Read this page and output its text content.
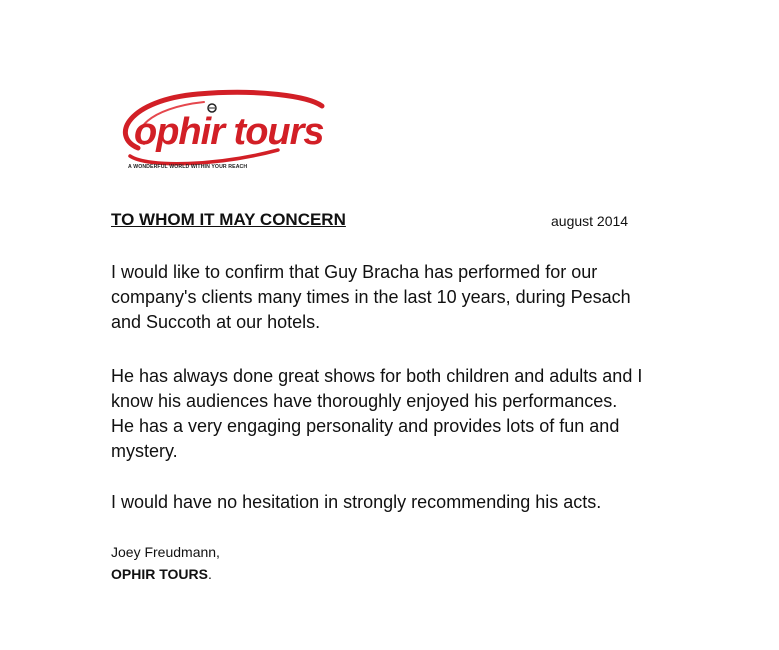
ophir tours
A WONDERFUL WORLD WITHIN YOUR REACH
TO WHOM IT MAY CONCERN	august 2014
I would like to confirm that Guy Bracha has performed for our
company's clients many times in the last 10 years, during Pesach
and Succoth at our hotels.
He has always done great shows for both children and adults and I
know his audiences have thoroughly enjoyed his performances.
He has a very engaging personality and provides lots of fun and
mystery.
I would have no hesitation in strongly recommending his acts.
Joey Freudmann,
OPHIR TOURS.
